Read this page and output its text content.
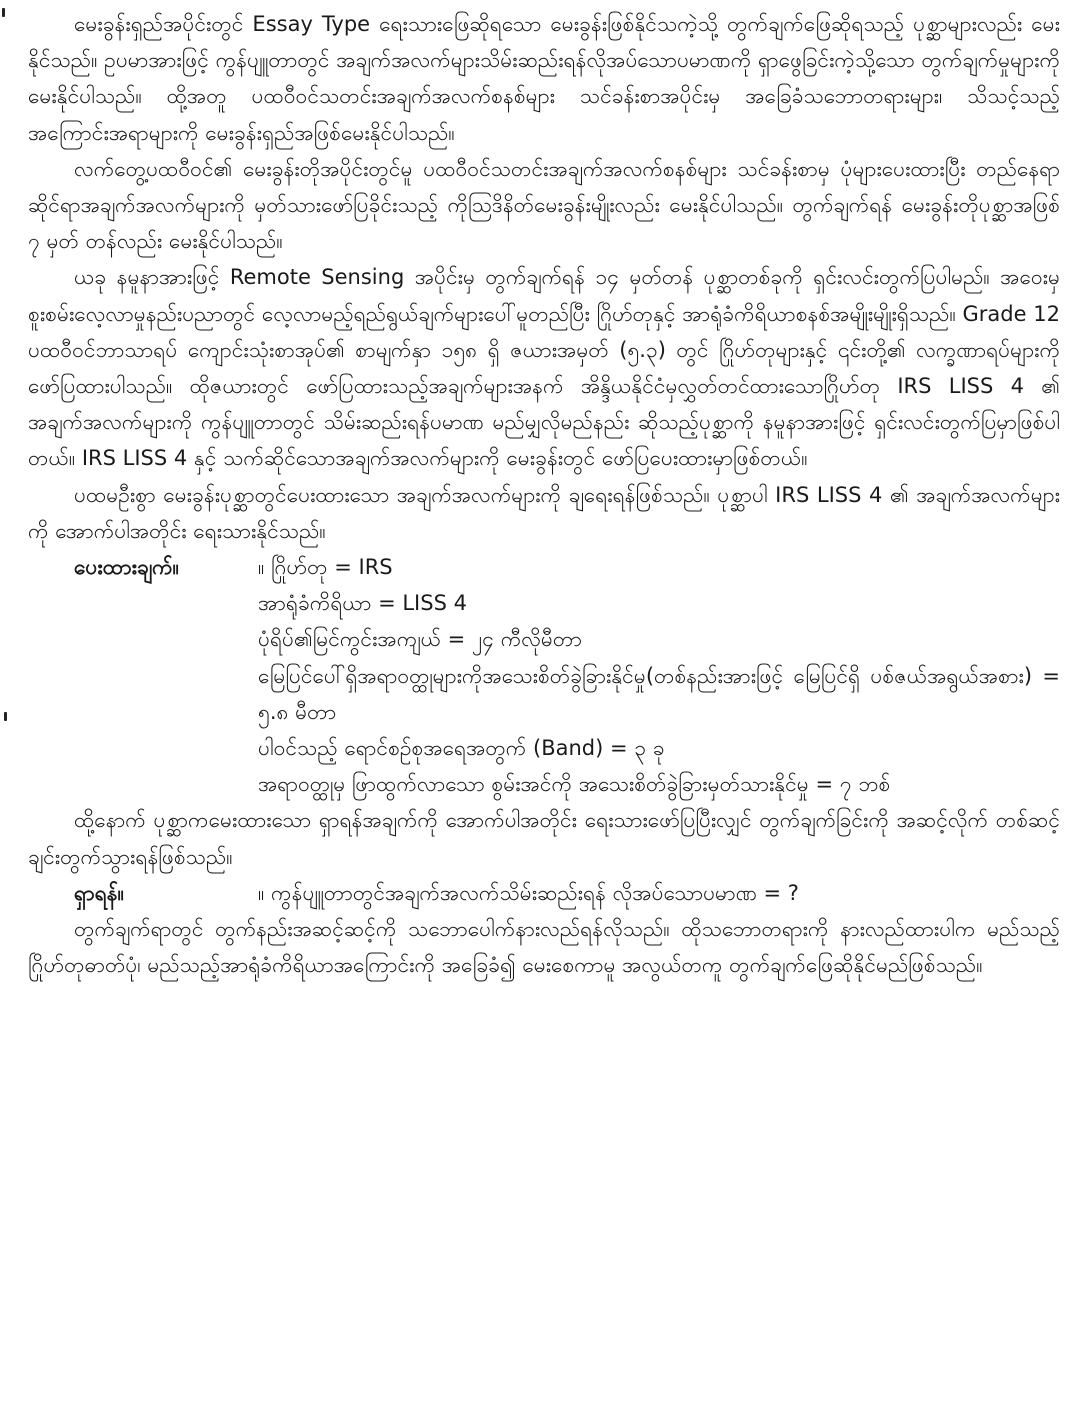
မေးခွန်းရှည်အပိုင်းတွင် Essay Type ရေးသားဖြေဆိုရသော မေးခွန်းဖြစ်နိုင်သကဲ့သို့ တွက်ချက်ဖြေဆိုရသည့် ပုစ္ဆာများလည်း မေးနိုင်သည်။ ဥပမာအားဖြင့် ကွန်ပျူတာတွင် အချက်အလက်များသိမ်းဆည်းရန်လိုအပ်သောပမာဏကို ရှာဖွေခြင်းကဲ့သို့သော တွက်ချက်မှုများကို မေးနိုင်ပါသည်။ ထို့အတူ ပထဝီဝင်သတင်းအချက်အလက်စနစ်များ သင်ခန်းစာအပိုင်းမှ အခြေခံသဘောတရားများ၊ သိသင့်သည့်အကြောင်းအရာများကို မေးခွန်းရှည်အဖြစ်မေးနိုင်ပါသည်။

လက်တွေ့ပထဝီဝင်၏ မေးခွန်းတိုအပိုင်းတွင်မူ ပထဝီဝင်သတင်းအချက်အလက်စနစ်များ သင်ခန်းစာမှ ပုံများပေးထားပြီး တည်နေရာဆိုင်ရာအချက်အလက်များကို မှတ်သားဖော်ပြခိုင်းသည့် ကိုဩဒိနိတ်မေးခွန်းမျိုးလည်း မေးနိုင်ပါသည်။ တွက်ချက်ရန် မေးခွန်းတိုပုစ္ဆာအဖြစ် ၇ မှတ် တန်လည်း မေးနိုင်ပါသည်။

ယခု နမူနာအားဖြင့် Remote Sensing အပိုင်းမှ တွက်ချက်ရန် ၁၄ မှတ်တန် ပုစ္ဆာတစ်ခုကို ရှင်းလင်းတွက်ပြပါမည်။ အဝေးမှ စူးစမ်းလေ့လာမှုနည်းပညာတွင် လေ့လာမည့်ရည်ရွယ်ချက်များပေါ်မူတည်ပြီး ဂြိုဟ်တုနှင့် အာရုံခံကိရိယာစနစ်အမျိုးမျိုးရှိသည်။ Grade 12 ပထဝီဝင်ဘာသာရပ် ကျောင်းသုံးစာအုပ်၏ စာမျက်နှာ ၁၅၈ ရှိ ဇယားအမှတ် (၅.၃) တွင် ဂြိုဟ်တုများနှင့် ၎င်းတို့၏ လက္ခဏာရပ်များကို ဖော်ပြထားပါသည်။ ထိုဇယားတွင် ဖော်ပြထားသည့်အချက်များအနက် အိန္ဒိယနိုင်ငံမှလွှတ်တင်ထားသောဂြိုဟ်တု IRS LISS 4 ၏ အချက်အလက်များကို ကွန်ပျူတာတွင် သိမ်းဆည်းရန်ပမာဏ မည်မျှလိုမည်နည်း ဆိုသည့်ပုစ္ဆာကို နမူနာအားဖြင့် ရှင်းလင်းတွက်ပြမှာဖြစ်ပါတယ်။ IRS LISS 4 နှင့် သက်ဆိုင်သောအချက်အလက်များကို မေးခွန်းတွင် ဖော်ပြပေးထားမှာဖြစ်တယ်။

ပထမဦးစွာ မေးခွန်းပုစ္ဆာတွင်ပေးထားသော အချက်အလက်များကို ချရေးရန်ဖြစ်သည်။ ပုစ္ဆာပါ IRS LISS 4 ၏ အချက်အလက်များကို အောက်ပါအတိုင်း ရေးသားနိုင်သည်။

ပေးထားချက်။	။ ဂြိုဟ်တု = IRS
အာရုံခံကိရိယာ = LISS 4
ပုံရိပ်၏မြင်ကွင်းအကျယ် = ၂၄ ကီလိုမီတာ
မြေပြင်ပေါ်ရှိအရာဝတ္ထုများကိုအသေးစိတ်ခွဲခြားနိုင်မှု(တစ်နည်းအားဖြင့် မြေပြင်ရှိ ပစ်ဇယ်အရွယ်အစား) = ၅.၈ မီတာ
ပါဝင်သည့် ရောင်စဉ်စုအရေအတွက် (Band) = ၃ ခု
အရာဝတ္ထုမှ ဖြာထွက်လာသော စွမ်းအင်ကို အသေးစိတ်ခွဲခြားမှတ်သားနိုင်မှု = ၇ ဘစ်

ထို့နောက် ပုစ္ဆာကမေးထားသော ရှာရန်အချက်ကို အောက်ပါအတိုင်း ရေးသားဖော်ပြပြီးလျှင် တွက်ချက်ခြင်းကို အဆင့်လိုက် တစ်ဆင့်ချင်းတွက်သွားရန်ဖြစ်သည်။

ရှာရန်။	။ ကွန်ပျူတာတွင်အချက်အလက်သိမ်းဆည်းရန် လိုအပ်သောပမာဏ = ?

တွက်ချက်ရာတွင် တွက်နည်းအဆင့်ဆင့်ကို သဘောပေါက်နားလည်ရန်လိုသည်။ ထိုသဘောတရားကို နားလည်ထားပါက မည်သည့်ဂြိုဟ်တုဓာတ်ပုံ၊ မည်သည့်အာရုံခံကိရိယာအကြောင်းကို အခြေခံ၍ မေးစေကာမူ အလွယ်တကူ တွက်ချက်ဖြေဆိုနိုင်မည်ဖြစ်သည်။
